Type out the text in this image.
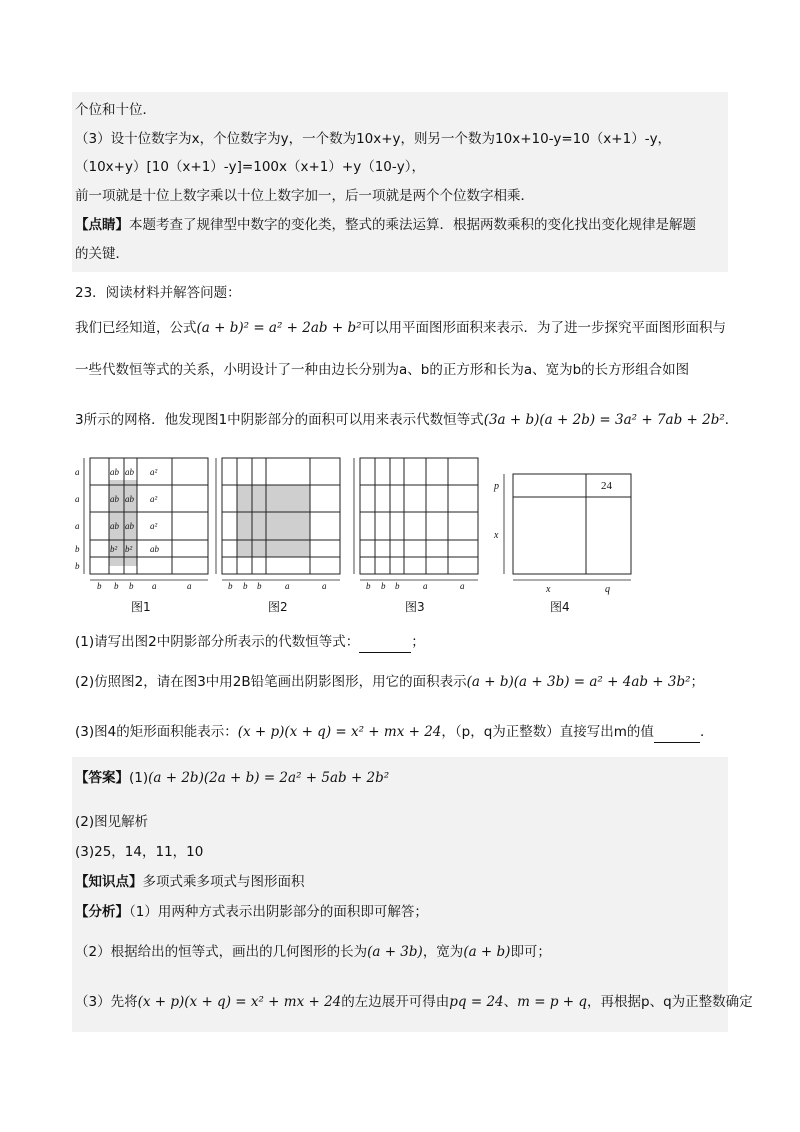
个位和十位．
（3）设十位数字为x，个位数字为y，一个数为10x+y，则另一个数为10x+10-y=10（x+1）-y，
（10x+y）[10（x+1）-y]=100x（x+1）+y（10-y），
前一项就是十位上数字乘以十位上数字加一，后一项就是两个个位数字相乘．
【点睛】本题考查了规律型中数字的变化类，整式的乘法运算．根据两数乘积的变化找出变化规律是解题
的关键．
23．阅读材料并解答问题：
我们已经知道，公式(a + b)² = a² + 2ab + b²可以用平面图形面积来表示．为了进一步探究平面图形面积与
一些代数恒等式的关系，小明设计了一种由边长分别为a、b的正方形和长为a、宽为b的长方形组合如图
3所示的网格．他发现图1中阴影部分的面积可以用来表示代数恒等式(3a + b)(a + 2b) = 3a² + 7ab + 2b²．
ab ab a²
ab ab a²
ab ab a²
b² b² ab
a
a
a
b
b
b b b a	a	b b b	a	a	b b b	a	a
p
x
x	q
24
图1	图2	图3	图4
(1)请写出图2中阴影部分所表示的代数恒等式：	；
(2)仿照图2，请在图3中用2B铅笔画出阴影图形，用它的面积表示(a + b)(a + 3b) = a² + 4ab + 3b²；
(3)图4的矩形面积能表示：(x + p)(x + q) = x² + mx + 24，（p，q为正整数）直接写出m的值	．
【答案】(1)(a + 2b)(2a + b) = 2a² + 5ab + 2b²
(2)图见解析
(3)25，14，11，10
【知识点】多项式乘多项式与图形面积
【分析】（1）用两种方式表示出阴影部分的面积即可解答；
（2）根据给出的恒等式，画出的几何图形的长为(a + 3b)，宽为(a + b)即可；
（3）先将(x + p)(x + q) = x² + mx + 24的左边展开可得由pq = 24、m = p + q，再根据p、q为正整数确定
